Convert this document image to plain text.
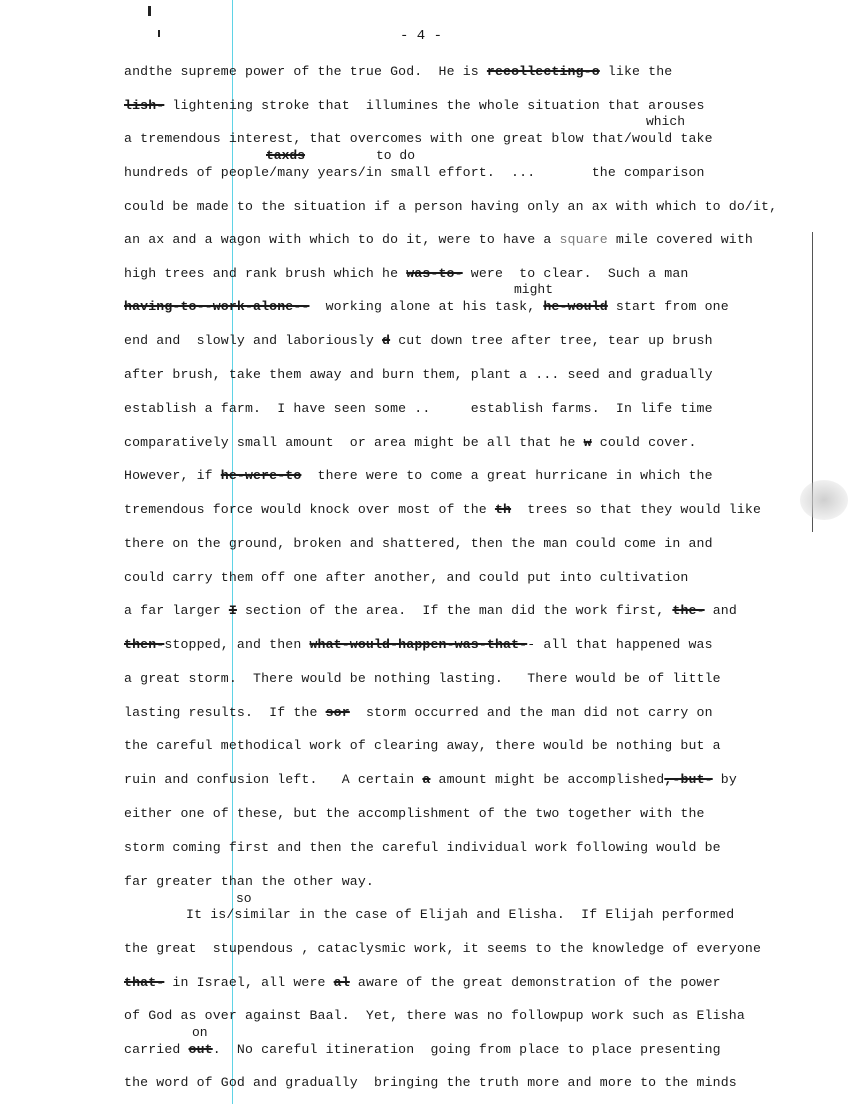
- 4 -
andthe supreme power of the true God.  He is recollecting-o like the
lish- lightening stroke that  illumines the whole situation that arouses
which
a tremendous interest, that overcomes with one great blow that/would take
taxds	to do
hundreds of people/many years/in small effort.  ...       the comparison
could be made to the situation if a person having only an ax with which to do/it,
an ax and a wagon with which to do it, were to have a square mile covered with
high trees and rank brush which he was-to- were  to clear.  Such a man
might
having-to--work-alone--  working alone at his task, he-would start from one
end and  slowly and laboriously d cut down tree after tree, tear up brush
after brush, take them away and burn them, plant a ... seed and gradually
establish a farm.  I have seen some ..     establish farms.  In life time
comparatively small amount  or area might be all that he w could cover.
However, if he-were-to  there were to come a great hurricane in which the
tremendous force would knock over most of the th  trees so that they would like
there on the ground, broken and shattered, then the man could come in and
could carry them off one after another, and could put into cultivation
a far larger I section of the area.  If the man did the work first, the- and
then-stopped, and then what-would-happen-was-that-- all that happened was
a great storm.  There would be nothing lasting.   There would be of little
lasting results.  If the sor  storm occurred and the man did not carry on
the careful methodical work of clearing away, there would be nothing but a
ruin and confusion left.   A certain a amount might be accomplished,-but- by
either one of these, but the accomplishment of the two together with the
storm coming first and then the careful individual work following would be
far greater than the other way.
so
It is/similar in the case of Elijah and Elisha.  If Elijah performed
the great  stupendous , cataclysmic work, it seems to the knowledge of everyone
that- in Israel, all were al aware of the great demonstration of the power
of God as over against Baal.  Yet, there was no followpup work such as Elisha
on
carried out.  No careful itineration  going from place to place presenting
the word of God and gradually  bringing the truth more and more to the minds
